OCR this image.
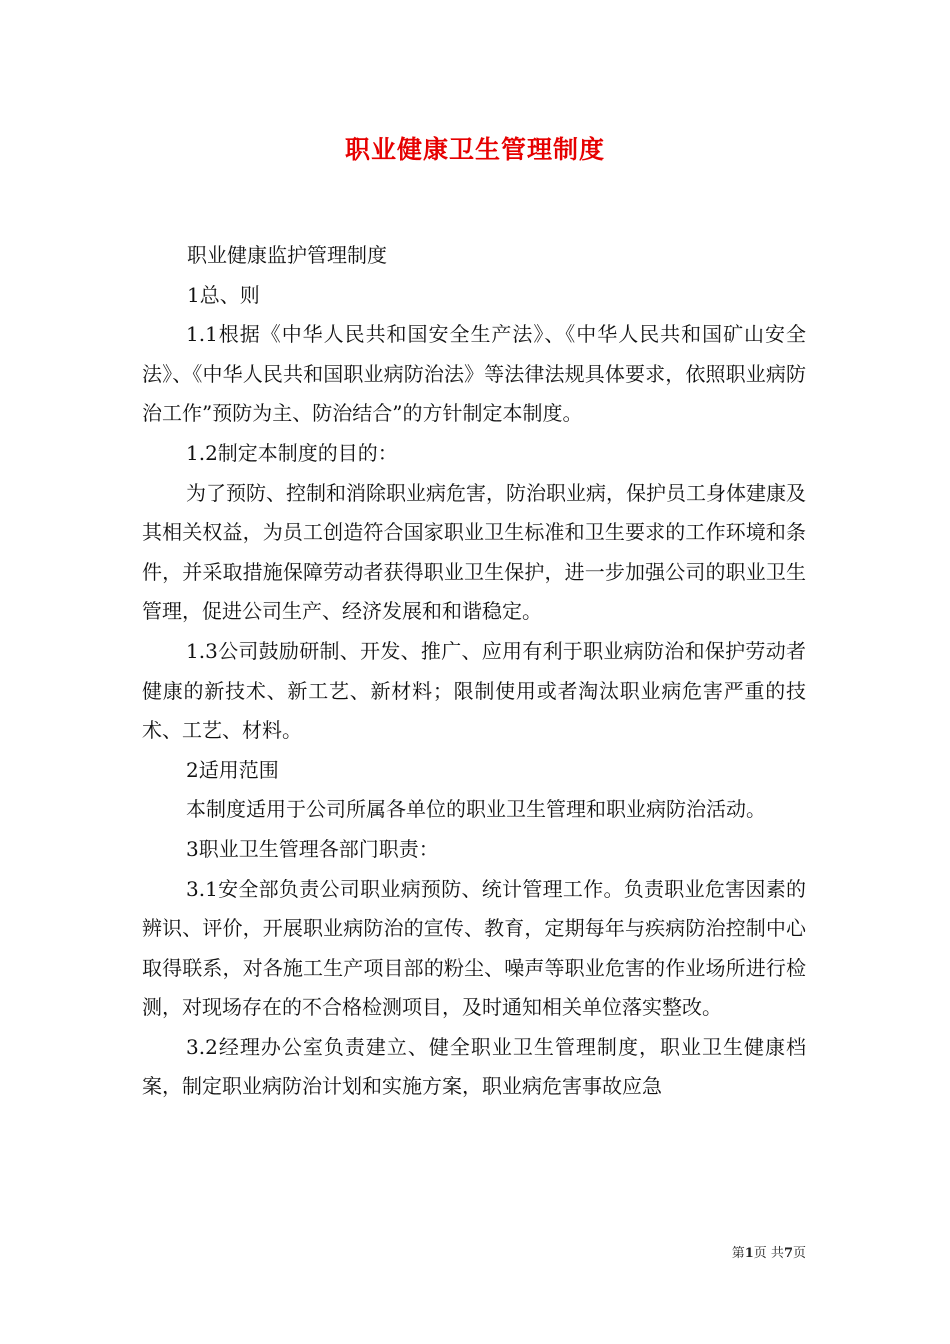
职业健康卫生管理制度

职业健康监护管理制度

1总、则

1.1根据《中华人民共和国安全生产法》、《中华人民共和国矿山安全法》、《中华人民共和国职业病防治法》等法律法规具体要求，依照职业病防治工作”预防为主、防治结合”的方针制定本制度。

1.2制定本制度的目的：

为了预防、控制和消除职业病危害，防治职业病，保护员工身体建康及其相关权益，为员工创造符合国家职业卫生标准和卫生要求的工作环境和条件，并采取措施保障劳动者获得职业卫生保护，进一步加强公司的职业卫生管理，促进公司生产、经济发展和和谐稳定。

1.3公司鼓励研制、开发、推广、应用有利于职业病防治和保护劳动者健康的新技术、新工艺、新材料；限制使用或者淘汰职业病危害严重的技术、工艺、材料。

2适用范围

本制度适用于公司所属各单位的职业卫生管理和职业病防治活动。

3职业卫生管理各部门职责：

3.1安全部负责公司职业病预防、统计管理工作。负责职业危害因素的辨识、评价，开展职业病防治的宣传、教育，定期每年与疾病防治控制中心取得联系，对各施工生产项目部的粉尘、噪声等职业危害的作业场所进行检测，对现场存在的不合格检测项目，及时通知相关单位落实整改。

3.2经理办公室负责建立、健全职业卫生管理制度，职业卫生健康档案，制定职业病防治计划和实施方案，职业病危害事故应急

第1页 共7页
